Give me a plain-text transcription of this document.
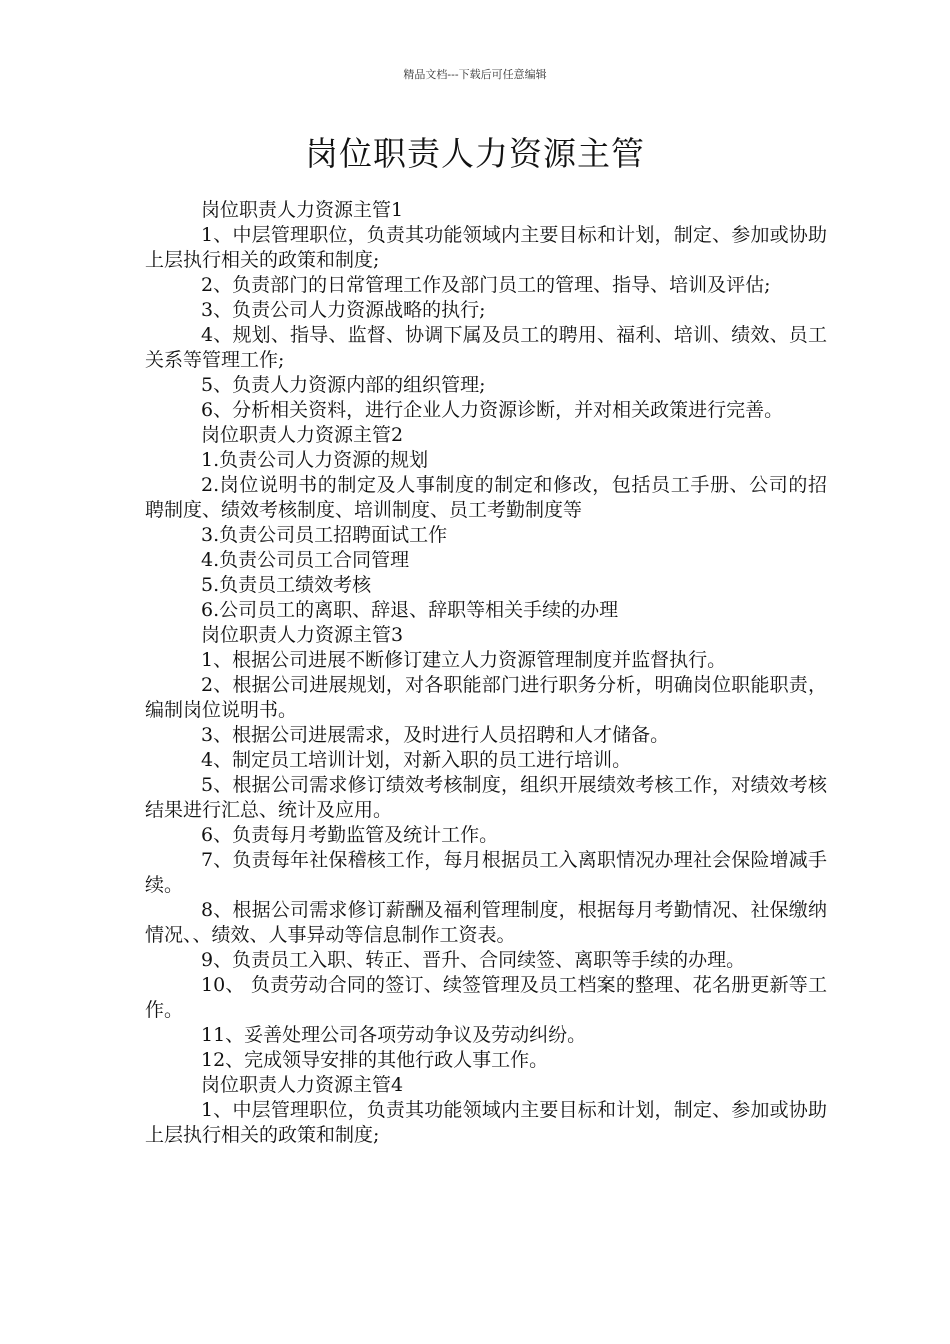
精品文档---下载后可任意编辑
岗位职责人力资源主管

岗位职责人力资源主管1

1、中层管理职位，负责其功能领域内主要目标和计划，制定、参加或协助上层执行相关的政策和制度;

2、负责部门的日常管理工作及部门员工的管理、指导、培训及评估;

3、负责公司人力资源战略的执行;

4、规划、指导、监督、协调下属及员工的聘用、福利、培训、绩效、员工关系等管理工作;

5、负责人力资源内部的组织管理;

6、分析相关资料，进行企业人力资源诊断，并对相关政策进行完善。

岗位职责人力资源主管2

1.负责公司人力资源的规划

2.岗位说明书的制定及人事制度的制定和修改，包括员工手册、公司的招聘制度、绩效考核制度、培训制度、员工考勤制度等

3.负责公司员工招聘面试工作

4.负责公司员工合同管理

5.负责员工绩效考核

6.公司员工的离职、辞退、辞职等相关手续的办理

岗位职责人力资源主管3

1、根据公司进展不断修订建立人力资源管理制度并监督执行。

2、根据公司进展规划，对各职能部门进行职务分析，明确岗位职能职责，编制岗位说明书。

3、根据公司进展需求，及时进行人员招聘和人才储备。

4、制定员工培训计划，对新入职的员工进行培训。

5、根据公司需求修订绩效考核制度，组织开展绩效考核工作，对绩效考核结果进行汇总、统计及应用。

6、负责每月考勤监管及统计工作。

7、负责每年社保稽核工作，每月根据员工入离职情况办理社会保险增减手续。

8、根据公司需求修订薪酬及福利管理制度，根据每月考勤情况、社保缴纳情况、、绩效、人事异动等信息制作工资表。

9、负责员工入职、转正、晋升、合同续签、离职等手续的办理。

10、 负责劳动合同的签订、续签管理及员工档案的整理、花名册更新等工作。

11、妥善处理公司各项劳动争议及劳动纠纷。

12、完成领导安排的其他行政人事工作。

岗位职责人力资源主管4

1、中层管理职位，负责其功能领域内主要目标和计划，制定、参加或协助上层执行相关的政策和制度;
